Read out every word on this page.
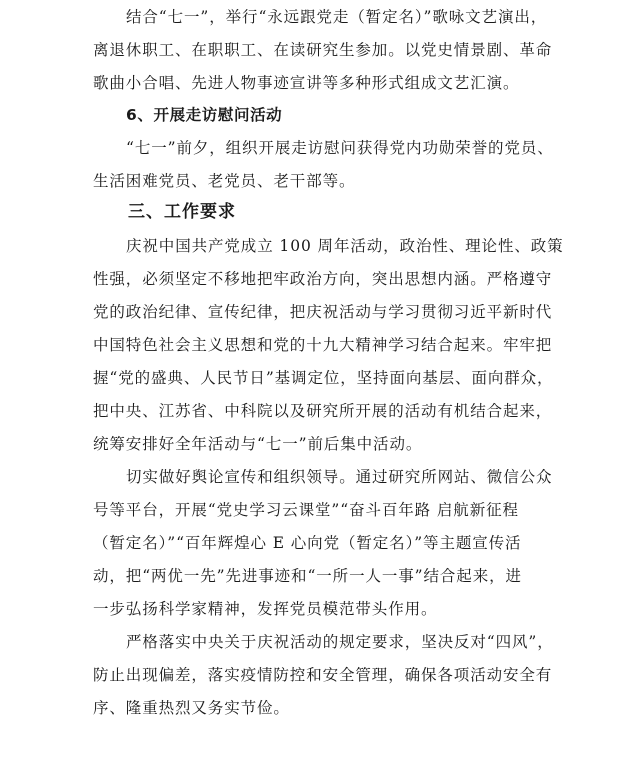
结合“七一”，举行“永远跟党走（暂定名）”歌咏文艺演出，
离退休职工、在职职工、在读研究生参加。以党史情景剧、革命
歌曲小合唱、先进人物事迹宣讲等多种形式组成文艺汇演。
6、开展走访慰问活动
“七一”前夕，组织开展走访慰问获得党内功勋荣誉的党员、
生活困难党员、老党员、老干部等。
三、工作要求
庆祝中国共产党成立 100 周年活动，政治性、理论性、政策
性强，必须坚定不移地把牢政治方向，突出思想内涵。严格遵守
党的政治纪律、宣传纪律，把庆祝活动与学习贯彻习近平新时代
中国特色社会主义思想和党的十九大精神学习结合起来。牢牢把
握“党的盛典、人民节日”基调定位，坚持面向基层、面向群众，
把中央、江苏省、中科院以及研究所开展的活动有机结合起来，
统筹安排好全年活动与“七一”前后集中活动。
切实做好舆论宣传和组织领导。通过研究所网站、微信公众
号等平台，开展“党史学习云课堂”“奋斗百年路 启航新征程
（暂定名）”“百年辉煌心 E 心向党（暂定名）”等主题宣传活
动，把“两优一先”先进事迹和“一所一人一事”结合起来，进
一步弘扬科学家精神，发挥党员模范带头作用。
严格落实中央关于庆祝活动的规定要求，坚决反对“四风”，
防止出现偏差，落实疫情防控和安全管理，确保各项活动安全有
序、隆重热烈又务实节俭。
